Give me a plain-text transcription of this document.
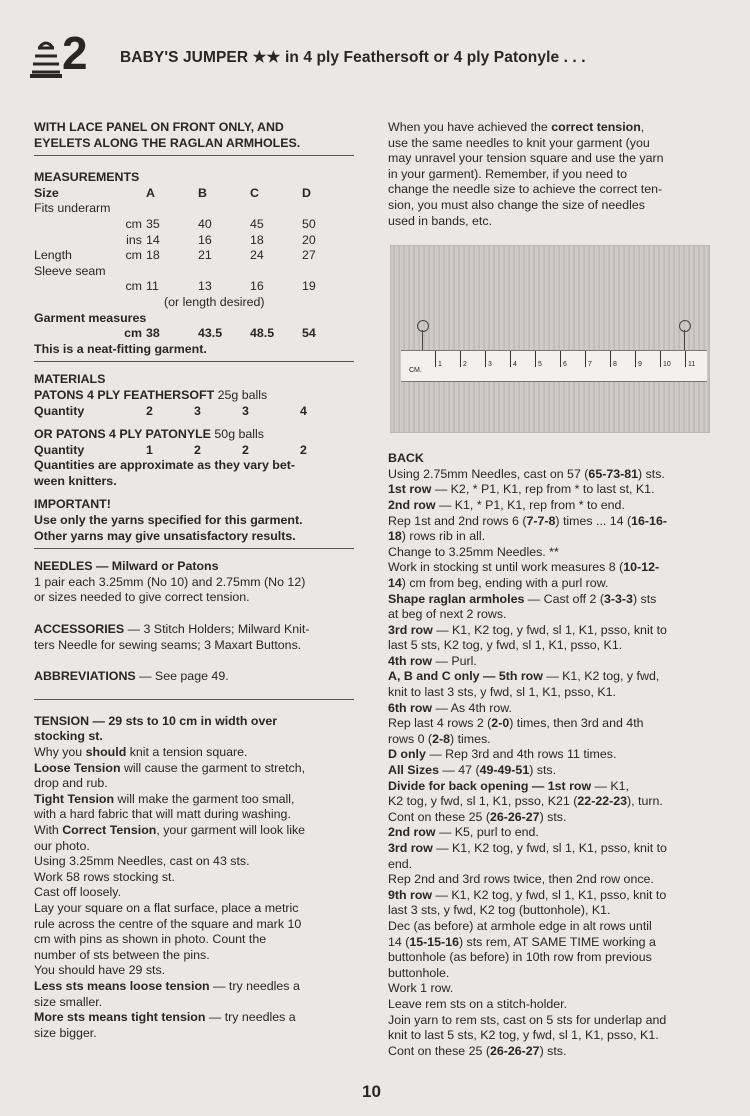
2 BABY'S JUMPER ★★ in 4 ply Feathersoft or 4 ply Patonyle . . .

WITH LACE PANEL ON FRONT ONLY, AND

EYELETS ALONG THE RAGLAN ARMHOLES.

MEASUREMENTS

Size		A	B	C	D
Fits underarm					
	cm	35	40	45	50
	ins	14	16	18	20
Length	cm	18	21	24	27
Sleeve seam					
	cm	11	13	16	19
		(or length desired)			
Garment measures					
	cm	38	43.5	48.5	54

This is a neat-fitting garment.

MATERIALS

PATONS 4 PLY FEATHERSOFT 25g balls

Quantity	2	3	3	4

OR PATONS 4 PLY PATONYLE 50g balls

Quantity	1	2	2	2

Quantities are approximate as they vary bet-

ween knitters.

IMPORTANT!

Use only the yarns specified for this garment.

Other yarns may give unsatisfactory results.

NEEDLES — Milward or Patons

1 pair each 3.25mm (No 10) and 2.75mm (No 12)

or sizes needed to give correct tension.

ACCESSORIES — 3 Stitch Holders; Milward Knit-

ters Needle for sewing seams; 3 Maxart Buttons.

ABBREVIATIONS — See page 49.

TENSION — 29 sts to 10 cm in width over

stocking st.

Why you should knit a tension square.

Loose Tension will cause the garment to stretch,

drop and rub.

Tight Tension will make the garment too small,

with a hard fabric that will matt during washing.

With Correct Tension, your garment will look like

our photo.

Using 3.25mm Needles, cast on 43 sts.

Work 58 rows stocking st.

Cast off loosely.

Lay your square on a flat surface, place a metric

rule across the centre of the square and mark 10

cm with pins as shown in photo. Count the

number of sts between the pins.

You should have 29 sts.

Less sts means loose tension — try needles a

size smaller.

More sts means tight tension — try needles a

size bigger.

When you have achieved the correct tension,

use the same needles to knit your garment (you

may unravel your tension square and use the yarn

in your garment). Remember, if you need to

change the needle size to achieve the correct ten-

sion, you must also change the size of needles

used in bands, etc.

CM.
1	2	3	4	5	6	7	8	9	10	11

BACK

Using 2.75mm Needles, cast on 57 (65-73-81) sts.

1st row — K2, * P1, K1, rep from * to last st, K1.

2nd row — K1, * P1, K1, rep from * to end.

Rep 1st and 2nd rows 6 (7-7-8) times ... 14 (16-16-

18) rows rib in all.

Change to 3.25mm Needles. **

Work in stocking st until work measures 8 (10-12-

14) cm from beg, ending with a purl row.

Shape raglan armholes — Cast off 2 (3-3-3) sts

at beg of next 2 rows.

3rd row — K1, K2 tog, y fwd, sl 1, K1, psso, knit to

last 5 sts, K2 tog, y fwd, sl 1, K1, psso, K1.

4th row — Purl.

A, B and C only — 5th row — K1, K2 tog, y fwd,

knit to last 3 sts, y fwd, sl 1, K1, psso, K1.

6th row — As 4th row.

Rep last 4 rows 2 (2-0) times, then 3rd and 4th

rows 0 (2-8) times.

D only — Rep 3rd and 4th rows 11 times.

All Sizes — 47 (49-49-51) sts.

Divide for back opening — 1st row — K1,

K2 tog, y fwd, sl 1, K1, psso, K21 (22-22-23), turn.

Cont on these 25 (26-26-27) sts.

2nd row — K5, purl to end.

3rd row — K1, K2 tog, y fwd, sl 1, K1, psso, knit to

end.

Rep 2nd and 3rd rows twice, then 2nd row once.

9th row — K1, K2 tog, y fwd, sl 1, K1, psso, knit to

last 3 sts, y fwd, K2 tog (buttonhole), K1.

Dec (as before) at armhole edge in alt rows until

14 (15-15-16) sts rem, AT SAME TIME working a

buttonhole (as before) in 10th row from previous

buttonhole.

Work 1 row.

Leave rem sts on a stitch-holder.

Join yarn to rem sts, cast on 5 sts for underlap and

knit to last 5 sts, K2 tog, y fwd, sl 1, K1, psso, K1.

Cont on these 25 (26-26-27) sts.

10
